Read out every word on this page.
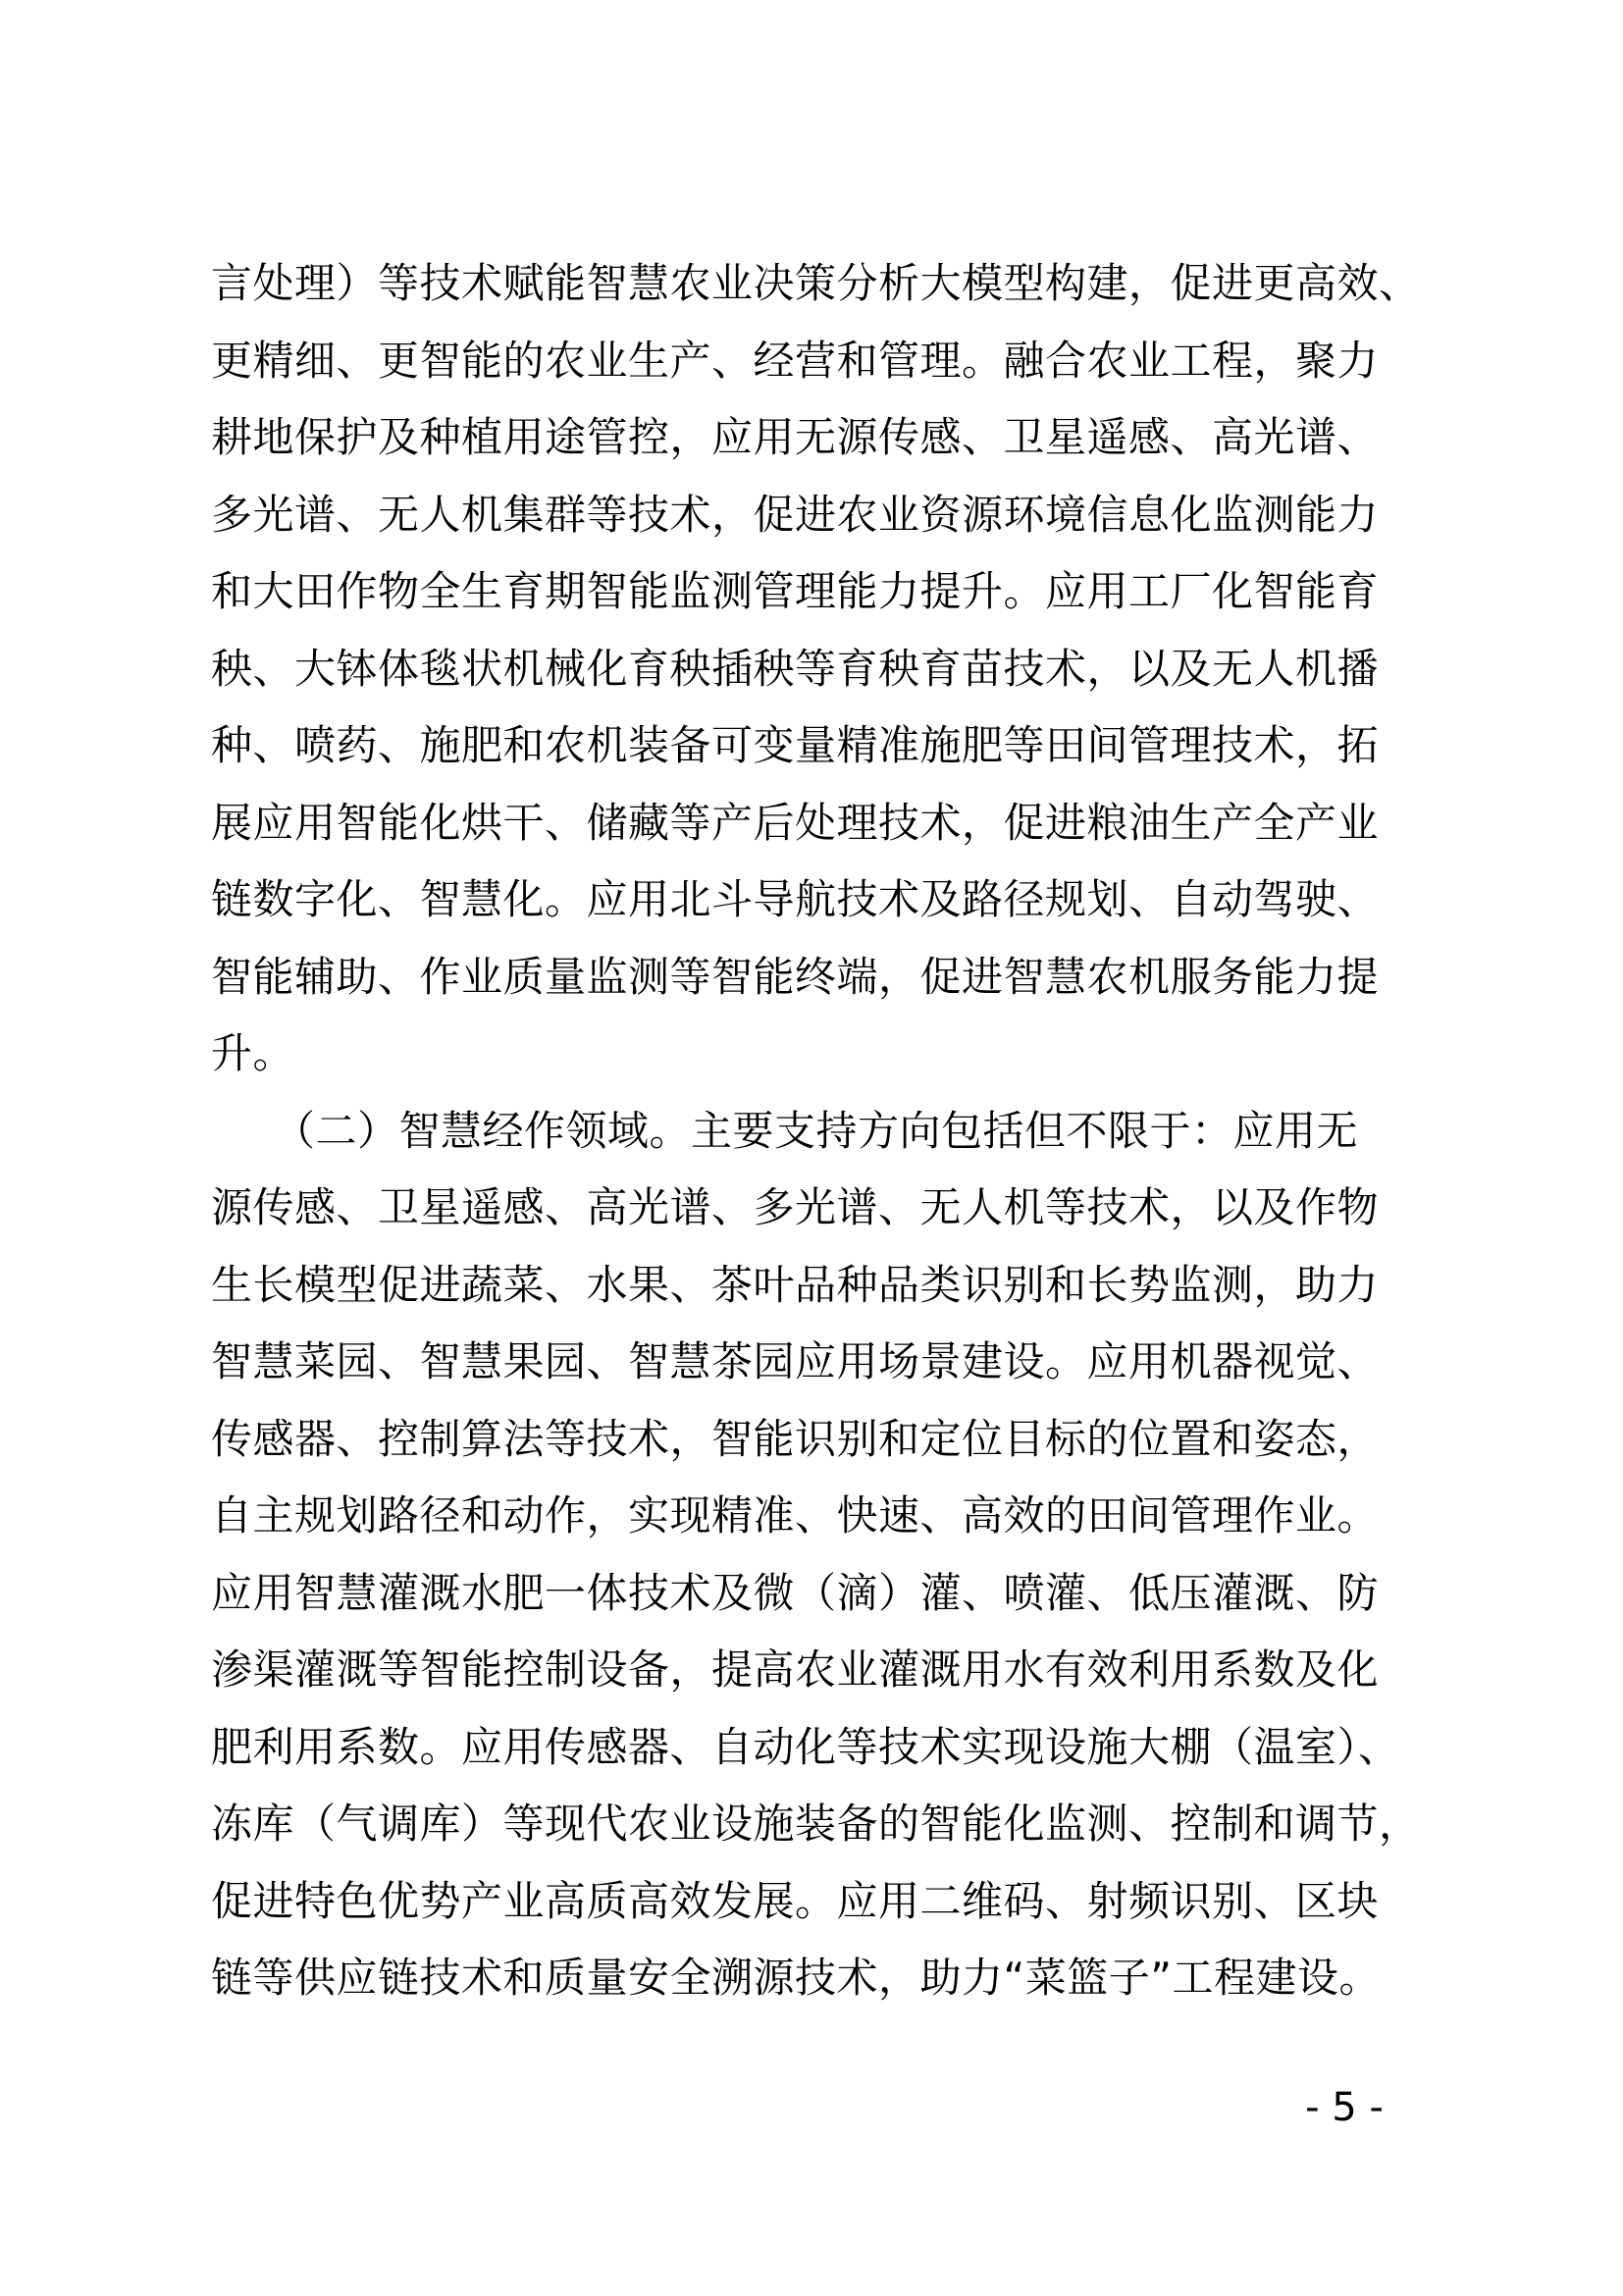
言处理）等技术赋能智慧农业决策分析大模型构建，促进更高效、
更精细、更智能的农业生产、经营和管理。融合农业工程，聚力
耕地保护及种植用途管控，应用无源传感、卫星遥感、高光谱、
多光谱、无人机集群等技术，促进农业资源环境信息化监测能力
和大田作物全生育期智能监测管理能力提升。应用工厂化智能育
秧、大钵体毯状机械化育秧插秧等育秧育苗技术，以及无人机播
种、喷药、施肥和农机装备可变量精准施肥等田间管理技术，拓
展应用智能化烘干、储藏等产后处理技术，促进粮油生产全产业
链数字化、智慧化。应用北斗导航技术及路径规划、自动驾驶、
智能辅助、作业质量监测等智能终端，促进智慧农机服务能力提
升。
　　（二）智慧经作领域。主要支持方向包括但不限于：应用无
源传感、卫星遥感、高光谱、多光谱、无人机等技术，以及作物
生长模型促进蔬菜、水果、茶叶品种品类识别和长势监测，助力
智慧菜园、智慧果园、智慧茶园应用场景建设。应用机器视觉、
传感器、控制算法等技术，智能识别和定位目标的位置和姿态，
自主规划路径和动作，实现精准、快速、高效的田间管理作业。
应用智慧灌溉水肥一体技术及微（滴）灌、喷灌、低压灌溉、防
渗渠灌溉等智能控制设备，提高农业灌溉用水有效利用系数及化
肥利用系数。应用传感器、自动化等技术实现设施大棚（温室）、
冻库（气调库）等现代农业设施装备的智能化监测、控制和调节，
促进特色优势产业高质高效发展。应用二维码、射频识别、区块
链等供应链技术和质量安全溯源技术，助力“菜篮子”工程建设。
- 5 -
